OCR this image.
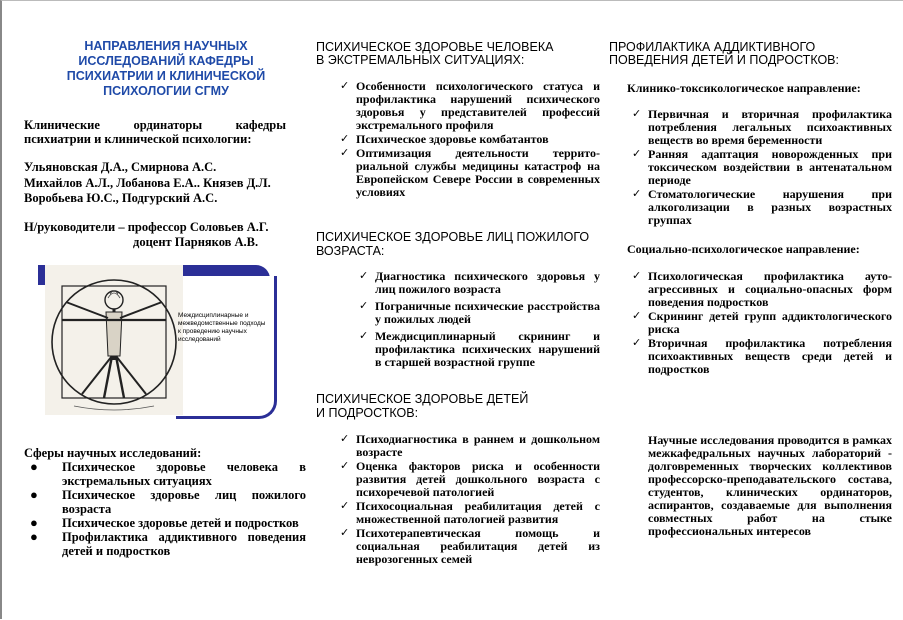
НАПРАВЛЕНИЯ НАУЧНЫХ ИССЛЕДОВАНИЙ КАФЕДРЫ ПСИХИАТРИИ И КЛИНИЧЕСКОЙ ПСИХОЛОГИИ СГМУ
Клинические ординаторы кафедры психиатрии и клинической психологии:
Ульяновская Д.А., Смирнова А.С.
Михайлов А.Л., Лобанова Е.А.. Князев Д.Л.
Воробьева Ю.С., Подгурский А.С.
Н/руководители – профессор Соловьев А.Г.
доцент Парняков А.В.
Междисциплинарные и межведомственные подходы к проведению научных исследований
Сферы научных исследований:
● Психическое здоровье человека в экстремальных ситуациях
● Психическое здоровье лиц пожилого возраста
● Психическое здоровье детей и подростков
● Профилактика аддиктивного поведения детей и подростков
ПСИХИЧЕСКОЕ ЗДОРОВЬЕ ЧЕЛОВЕКА
В ЭКСТРЕМАЛЬНЫХ СИТУАЦИЯХ:
✓ Особенности психологического статуса и профилактика нарушений психического здоровья у представителей профессий экстремального профиля
✓ Психическое здоровье комбатантов
✓ Оптимизация деятельности террито-риальной службы медицины катастроф на Европейском Севере России в современных условиях
ПСИХИЧЕСКОЕ ЗДОРОВЬЕ ЛИЦ ПОЖИЛОГО
ВОЗРАСТА:
✓ Диагностика психического здоровья у лиц пожилого возраста
✓ Пограничные психические расстройства у пожилых людей
✓ Междисциплинарный скрининг и профилактика психических нарушений в старшей возрастной группе
ПСИХИЧЕСКОЕ ЗДОРОВЬЕ ДЕТЕЙ
И ПОДРОСТКОВ:
✓ Психодиагностика в раннем и дошкольном возрасте
✓ Оценка факторов риска и особенности развития детей дошкольного возраста с психоречевой патологией
✓ Психосоциальная реабилитация детей с множественной патологией развития
✓ Психотерапевтическая помощь и социальная реабилитация детей из неврозогенных семей
ПРОФИЛАКТИКА АДДИКТИВНОГО
ПОВЕДЕНИЯ ДЕТЕЙ И ПОДРОСТКОВ:
Клинико-токсикологическое направление:
✓ Первичная и вторичная профилактика потребления легальных психоактивных веществ во время беременности
✓ Ранняя адаптация новорожденных при токсическом воздействии в антенатальном периоде
✓ Стоматологические нарушения при алкоголизации в разных возрастных группах
Социально-психологическое направление:
✓ Психологическая профилактика ауто-агрессивных и социально-опасных форм поведения подростков
✓ Скрининг детей групп аддиктологического риска
✓ Вторичная профилактика потребления психоактивных веществ среди детей и подростков
Научные исследования проводится в рамках межкафедральных научных лабораторий - долговременных творческих коллективов профессорско-преподавательского состава, студентов, клинических ординаторов, аспирантов, создаваемые для выполнения совместных работ на стыке профессиональных интересов
